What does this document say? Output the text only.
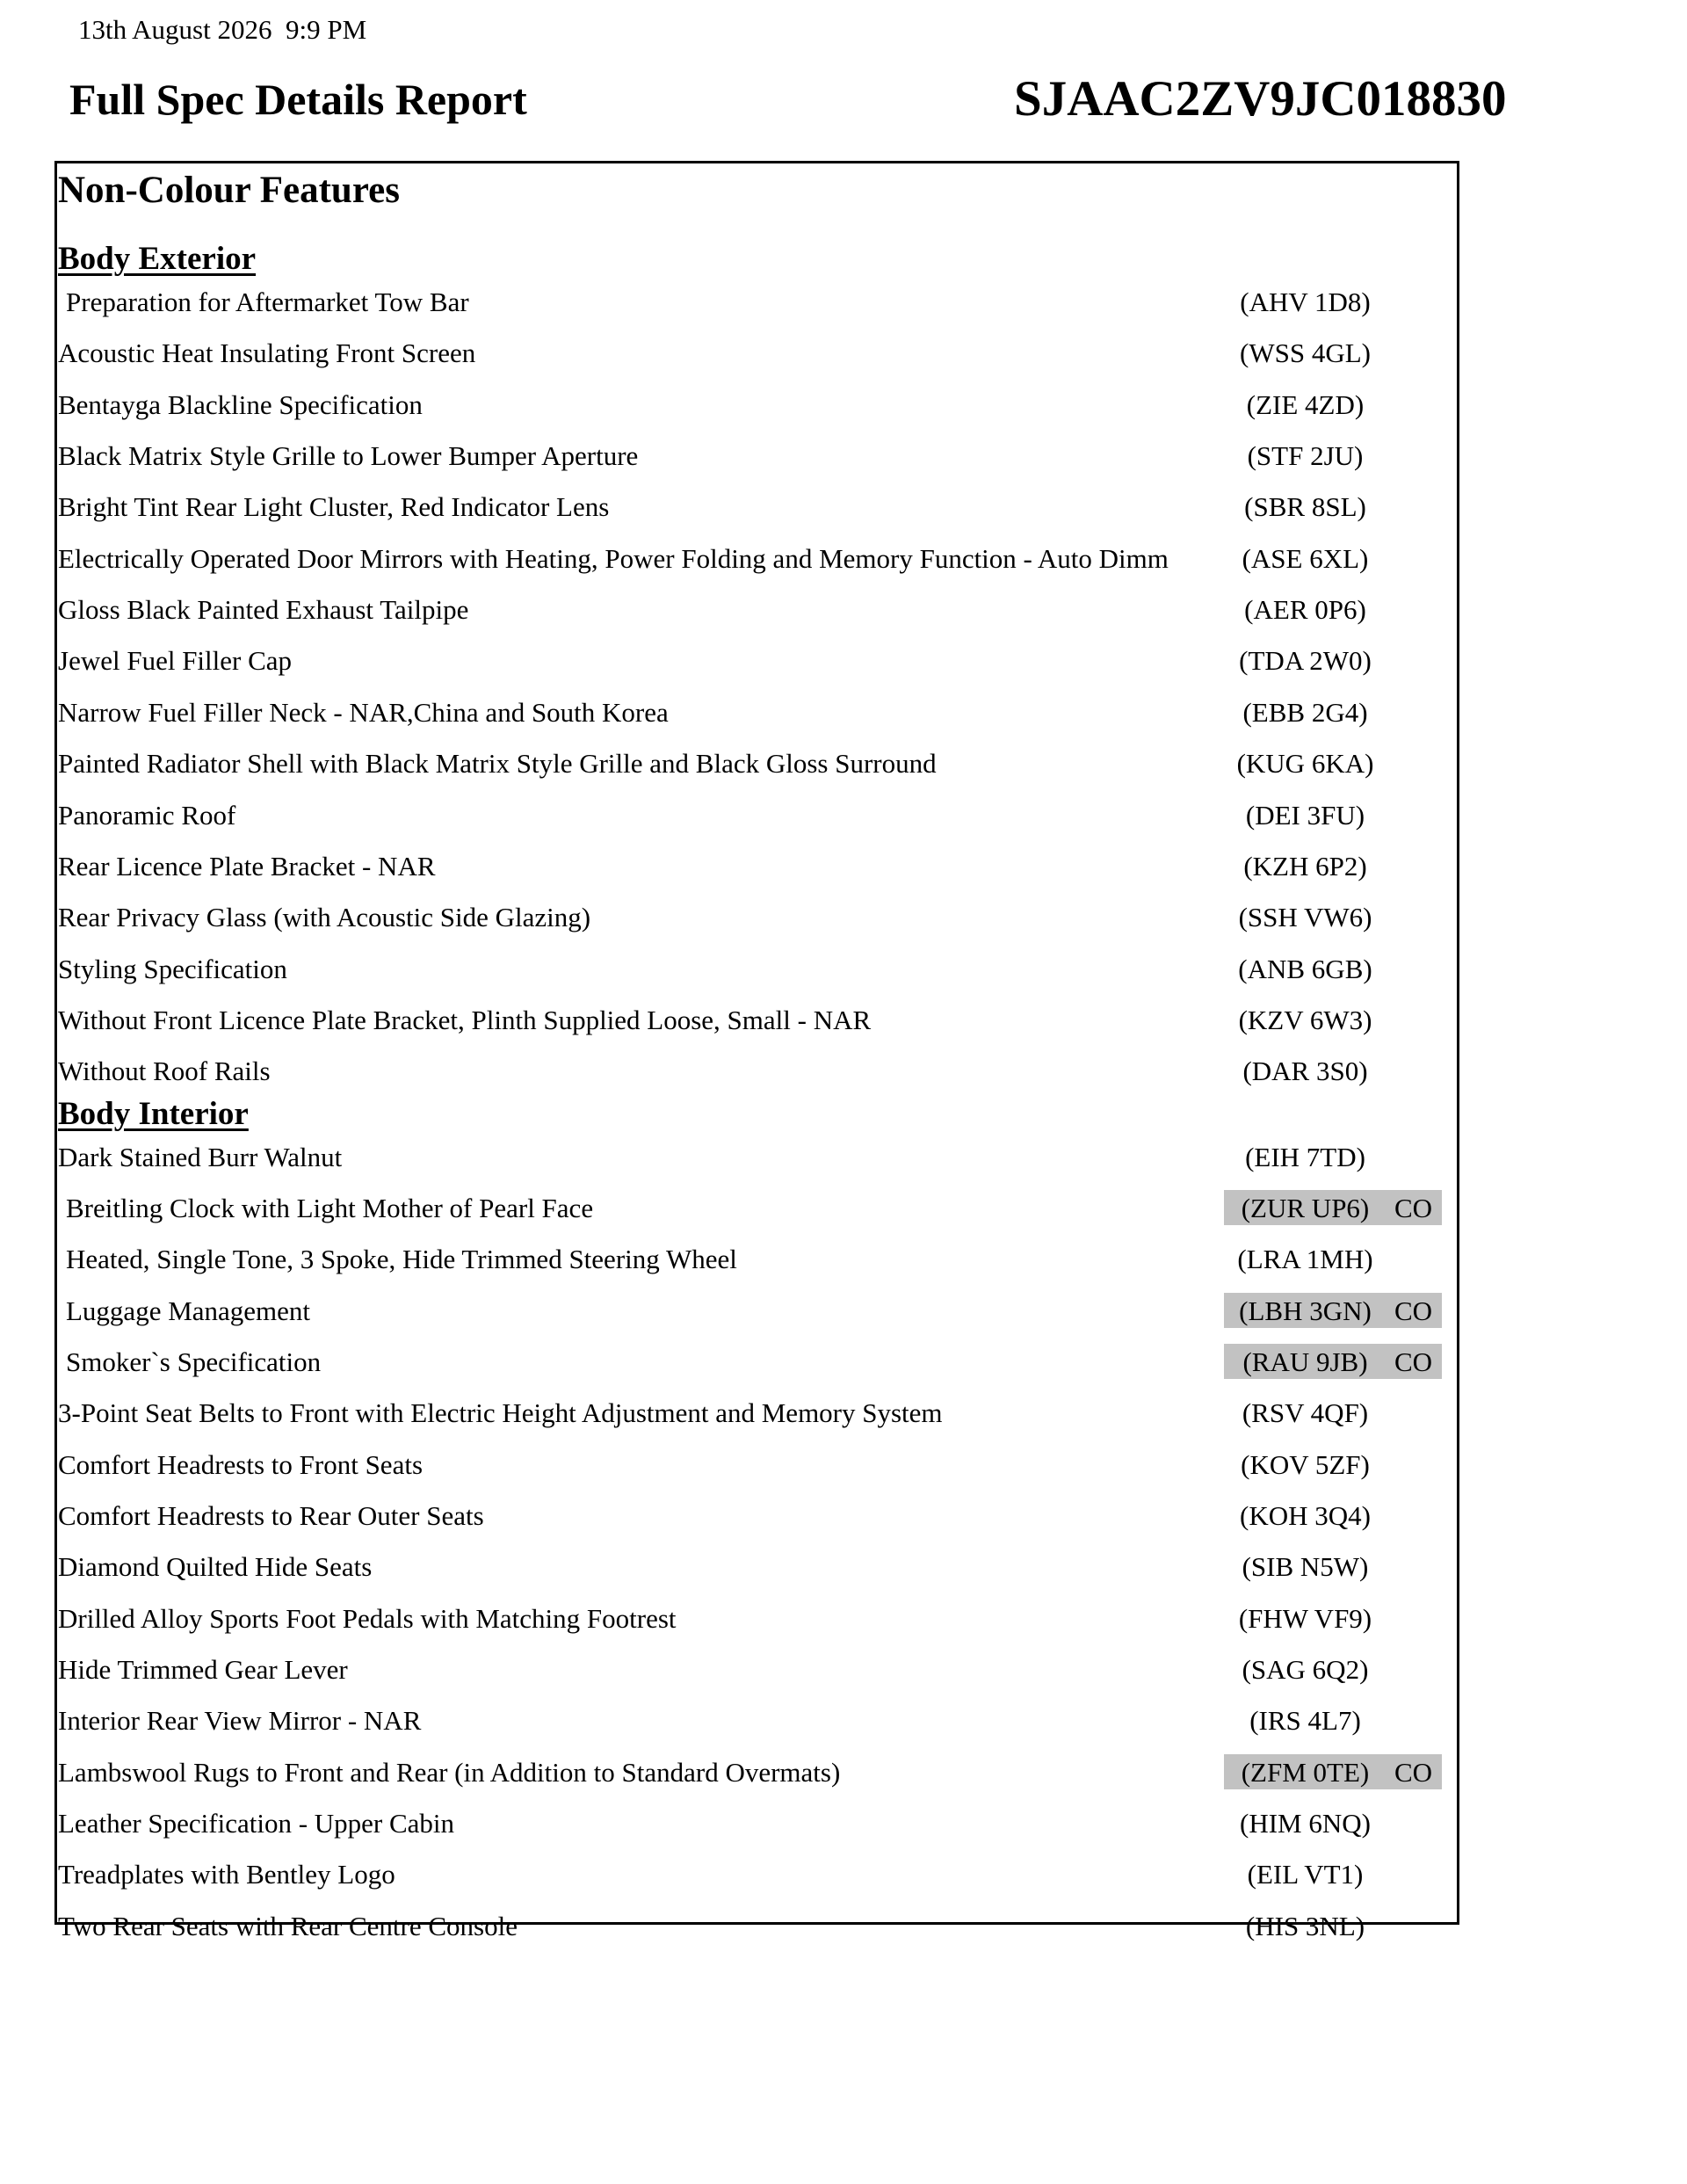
13th August 2026  9:9 PM
Full Spec Details Report	SJAAC2ZV9JC018830
Non-Colour Features
Body Exterior
Preparation for Aftermarket Tow Bar	(AHV 1D8)
Acoustic Heat Insulating Front Screen	(WSS 4GL)
Bentayga Blackline Specification	(ZIE 4ZD)
Black Matrix Style Grille to Lower Bumper Aperture	(STF 2JU)
Bright Tint Rear Light Cluster, Red Indicator Lens	(SBR 8SL)
Electrically Operated Door Mirrors with Heating, Power Folding and Memory Function - Auto Dimm	(ASE 6XL)
Gloss Black Painted Exhaust Tailpipe	(AER 0P6)
Jewel Fuel Filler Cap	(TDA 2W0)
Narrow Fuel Filler Neck - NAR,China and South Korea	(EBB 2G4)
Painted Radiator Shell with Black Matrix Style Grille and Black Gloss Surround	(KUG 6KA)
Panoramic Roof	(DEI 3FU)
Rear Licence Plate Bracket - NAR	(KZH 6P2)
Rear Privacy Glass (with Acoustic Side Glazing)	(SSH VW6)
Styling Specification	(ANB 6GB)
Without Front Licence Plate Bracket, Plinth Supplied Loose, Small - NAR	(KZV 6W3)
Without Roof Rails	(DAR 3S0)
Body Interior
Dark Stained Burr Walnut	(EIH 7TD)
Breitling Clock with Light Mother of Pearl Face	(ZUR UP6) CO
Heated, Single Tone, 3 Spoke, Hide Trimmed Steering Wheel	(LRA 1MH)
Luggage Management	(LBH 3GN) CO
Smoker`s Specification	(RAU 9JB) CO
3-Point Seat Belts to Front with Electric Height Adjustment and Memory System	(RSV 4QF)
Comfort Headrests to Front Seats	(KOV 5ZF)
Comfort Headrests to Rear Outer Seats	(KOH 3Q4)
Diamond Quilted Hide Seats	(SIB N5W)
Drilled Alloy Sports Foot Pedals with Matching Footrest	(FHW VF9)
Hide Trimmed Gear Lever	(SAG 6Q2)
Interior Rear View Mirror - NAR	(IRS 4L7)
Lambswool Rugs to Front and Rear (in Addition to Standard Overmats)	(ZFM 0TE) CO
Leather Specification - Upper Cabin	(HIM 6NQ)
Treadplates with Bentley Logo	(EIL VT1)
Two Rear Seats with Rear Centre Console	(HIS 3NL)
